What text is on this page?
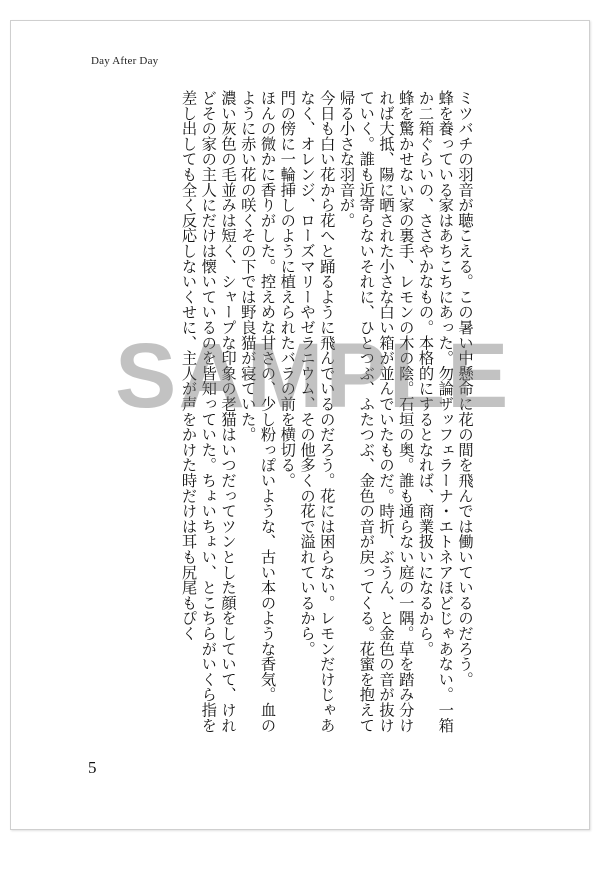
Day After Day

ミツバチの羽音が聴こえる。この暑い中懸命に花の間を飛んでは働いているのだろう。

蜂を養っている家はあちこちにあった。勿論ザッフェラーナ・エトネアほどじゃあない。一箱か二箱ぐらいの、ささやかなもの。本格的にするとなれば、商業扱いになるから。

蜂を驚かせない家の裏手、レモンの木の陰。石垣の奥。誰も通らない庭の一隅。草を踏み分ければ大抵、陽に晒された小さな白い箱が並んでいたものだ。時折、ぶうん、と金色の音が抜けていく。誰も近寄らないそれに、ひとつぶ、ふたつぶ、金色の音が戻ってくる。花蜜を抱えて帰る小さな羽音が。

今日も白い花から花へと踊るように飛んでいるのだろう。花には困らない。レモンだけじゃあなく、オレンジ、ローズマリーやゼラニウム、その他多くの花で溢れているから。

門の傍に一輪挿しのように植えられたバラの前を横切る。

ほんの微かに香りがした。控えめな甘さの、少し粉っぽいような、古い本のような香気。血のように赤い花の咲くその下では野良猫が寝ていた。

濃い灰色の毛並みは短く、シャープな印象の老猫はいつだってツンとした顔をしていて、けれどその家の主人にだけは懐いているのを皆知っていた。ちょいちょい、とこちらがいくら指を差し出しても全く反応しないくせに、主人が声をかけた時だけは耳も尻尾もぴく

5
SAMPLE
